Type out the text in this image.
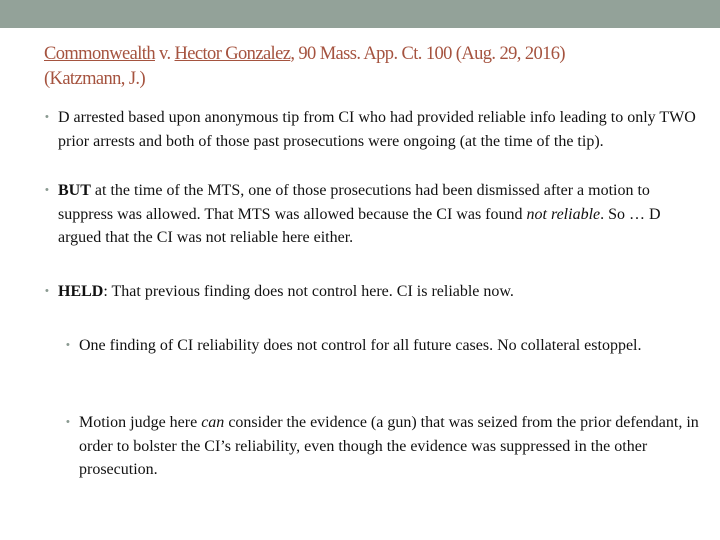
Commonwealth v. Hector Gonzalez, 90 Mass. App. Ct. 100 (Aug. 29, 2016)
(Katzmann, J.)
• D arrested based upon anonymous tip from CI who had provided reliable info leading to only TWO prior arrests and both of those past prosecutions were ongoing (at the time of the tip).
• BUT at the time of the MTS, one of those prosecutions had been dismissed after a motion to suppress was allowed. That MTS was allowed because the CI was found not reliable. So … D argued that the CI was not reliable here either.
• HELD: That previous finding does not control here. CI is reliable now.
• One finding of CI reliability does not control for all future cases. No collateral estoppel.
• Motion judge here can consider the evidence (a gun) that was seized from the prior defendant, in order to bolster the CI’s reliability, even though the evidence was suppressed in the other prosecution.
